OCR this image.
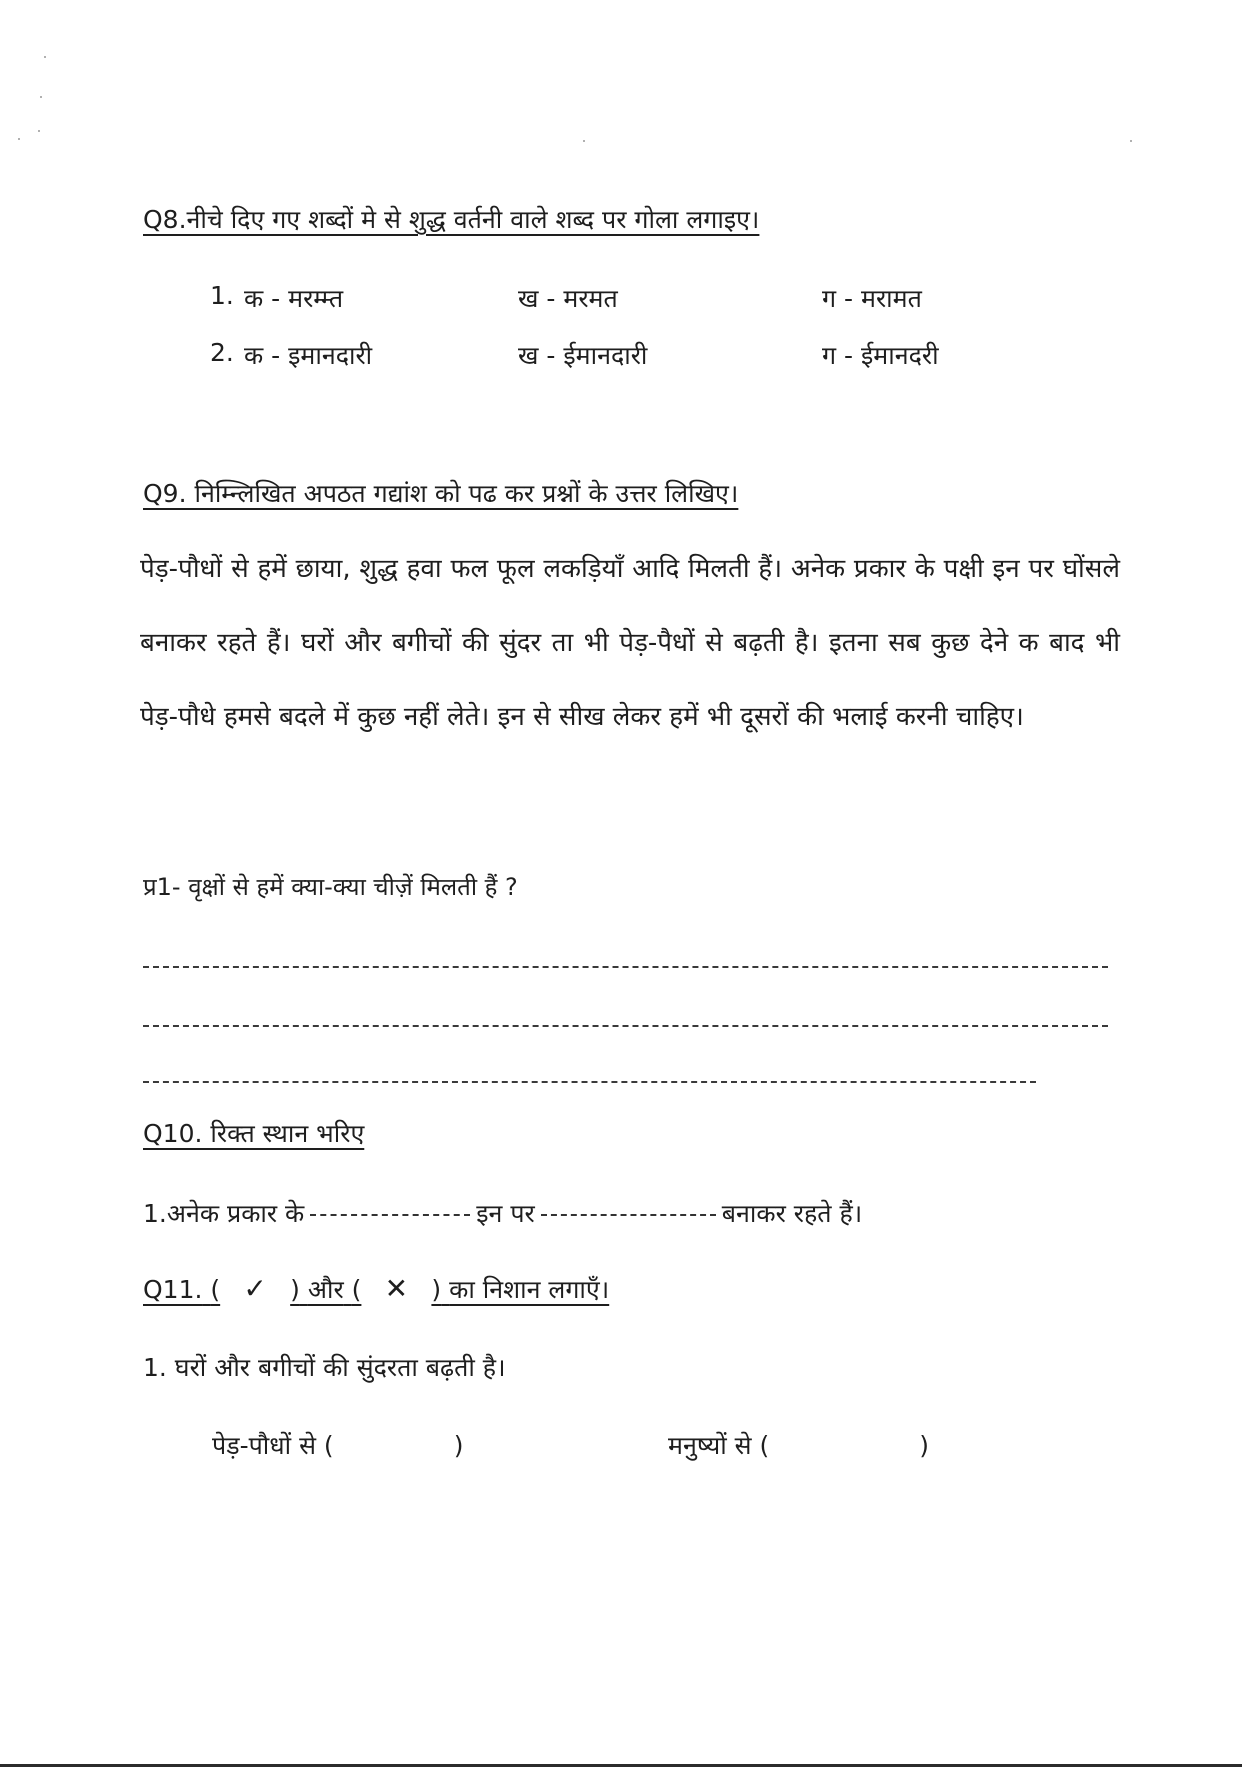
Q8.नीचे दिए गए शब्दों मे से शुद्ध वर्तनी वाले शब्द पर गोला लगाइए।
1. क - मरम्म्त	ख - मरमत	ग - मरामत
2. क - इमानदारी	ख - ईमानदारी	ग - ईमानदरी
Q9. निम्न्लिखित अपठत गद्यांश को पढ कर प्रश्नों के उत्तर लिखिए।
पेड़-पौधों से हमें छाया, शुद्ध हवा फल फूल लकड़ियाँ आदि मिलती हैं। अनेक प्रकार के पक्षी इन पर घोंसले बनाकर रहते हैं। घरों और बगीचों की सुंदर ता भी पेड़-पैधों से बढ़ती है। इतना सब कुछ देने क बाद भी पेड़-पौधे हमसे बदले में कुछ नहीं लेते। इन से सीख लेकर हमें भी दूसरों की भलाई करनी चाहिए।
प्र1- वृक्षों से हमें क्या-क्या चीज़ें मिलती हैं ?
Q10. रिक्त स्थान भरिए
1.अनेक प्रकार के	इन पर	बनाकर रहते हैं।
Q11. ( ✓ ) और ( ✕ ) का निशान लगाएँ।
1. घरों और बगीचों की सुंदरता बढ़ती है।
पेड़-पौधों से (	)	मनुष्यों से (	)
